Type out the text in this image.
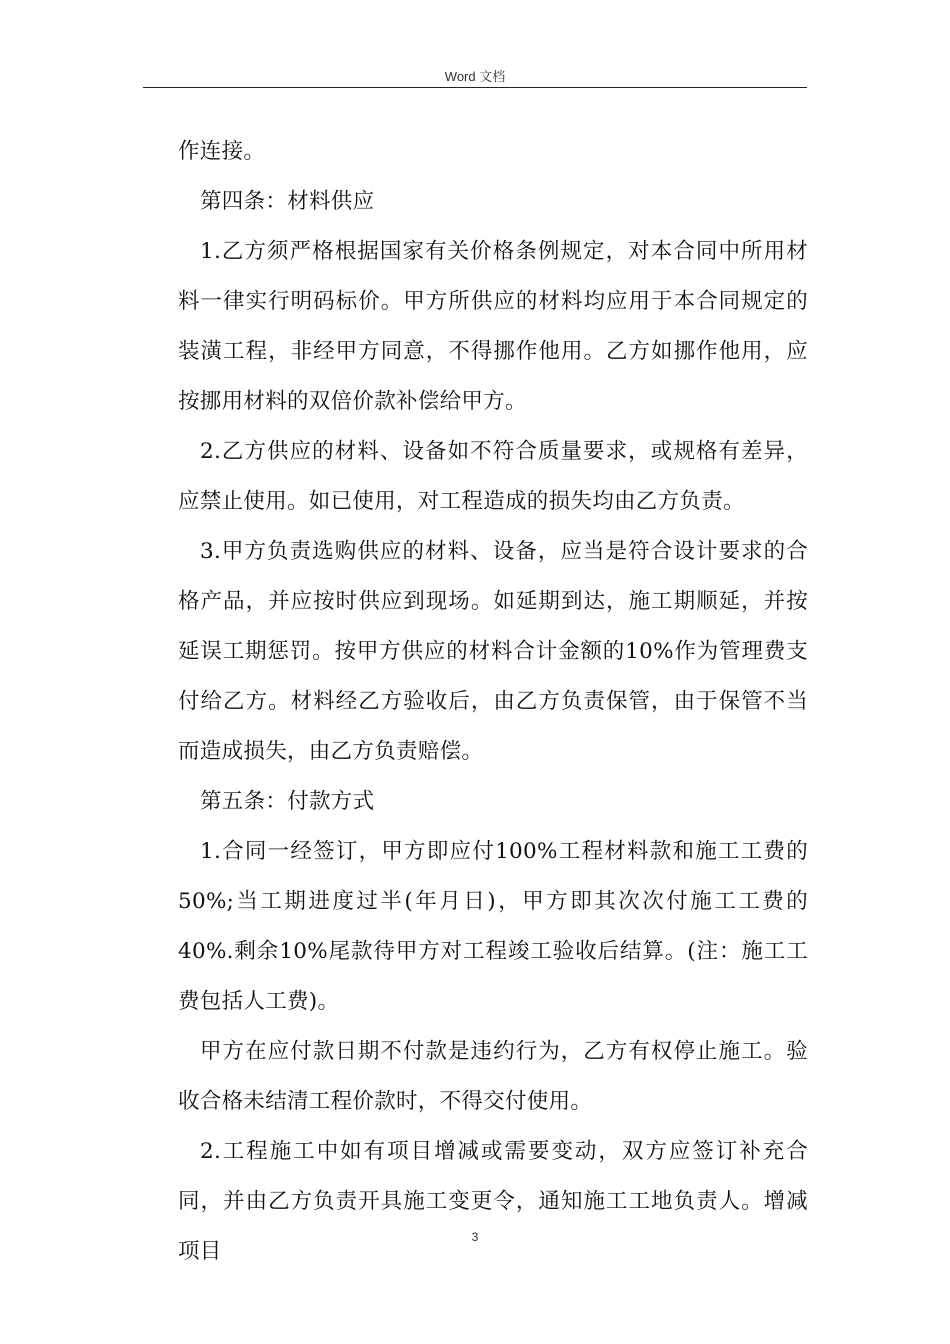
Word 文档

作连接。

第四条：材料供应

1.乙方须严格根据国家有关价格条例规定，对本合同中所用材料一律实行明码标价。甲方所供应的材料均应用于本合同规定的装潢工程，非经甲方同意，不得挪作他用。乙方如挪作他用，应按挪用材料的双倍价款补偿给甲方。

2.乙方供应的材料、设备如不符合质量要求，或规格有差异，应禁止使用。如已使用，对工程造成的损失均由乙方负责。

3.甲方负责选购供应的材料、设备，应当是符合设计要求的合格产品，并应按时供应到现场。如延期到达，施工期顺延，并按延误工期惩罚。按甲方供应的材料合计金额的10%作为管理费支付给乙方。材料经乙方验收后，由乙方负责保管，由于保管不当而造成损失，由乙方负责赔偿。

第五条：付款方式

1.合同一经签订，甲方即应付100%工程材料款和施工工费的50%;当工期进度过半(年月日)，甲方即其次次付施工工费的40%.剩余10%尾款待甲方对工程竣工验收后结算。(注：施工工费包括人工费)。

甲方在应付款日期不付款是违约行为，乙方有权停止施工。验收合格未结清工程价款时，不得交付使用。

2.工程施工中如有项目增减或需要变动，双方应签订补充合同，并由乙方负责开具施工变更令，通知施工工地负责人。增减项目

3
